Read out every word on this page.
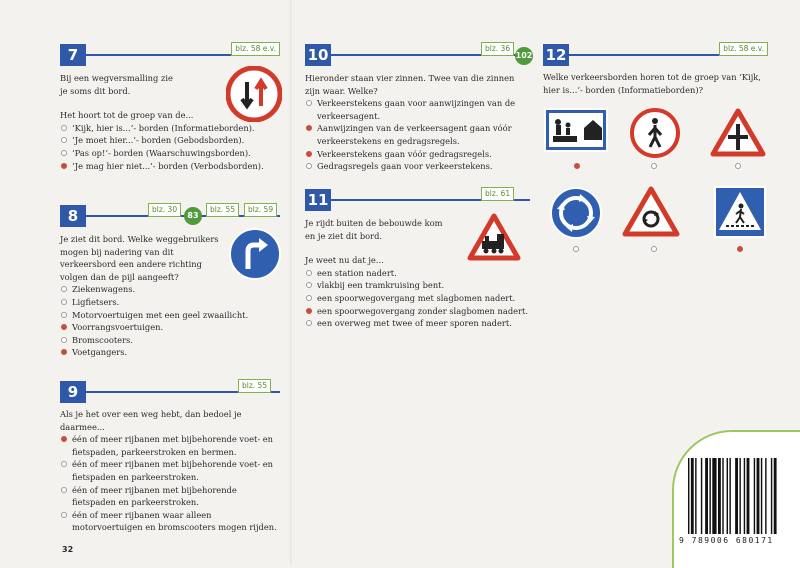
7	blz. 58 e.v.
Bij een wegversmalling zie je soms dit bord.
Het hoort tot de groep van de...
‘Kijk, hier is...’- borden (Informatieborden).
‘Je moet hier...’- borden (Gebodsborden).
‘Pas op!’- borden (Waarschuwingsborden).
‘Je mag hier niet...’- borden (Verbodsborden).
8	blz. 30
83
blz. 55	blz. 59
Je ziet dit bord. Welke weggebruikers mogen bij nadering van dit verkeersbord een andere richting volgen dan de pijl aangeeft?
Ziekenwagens.
Ligfietsers.
Motorvoertuigen met een geel zwaailicht.
Voorrangsvoertuigen.
Bromscooters.
Voetgangers.
9	blz. 55
Als je het over een weg hebt, dan bedoel je daarmee...
één of meer rijbanen met bijbehorende voet- en fietspaden, parkeerstroken en bermen.
één of meer rijbanen met bijbehorende voet- en fietspaden en parkeerstroken.
één of meer rijbanen met bijbehorende fietspaden en parkeerstroken.
één of meer rijbanen waar alleen motorvoertuigen en bromscooters mogen rijden.
32
10	blz. 36
102
Hieronder staan vier zinnen. Twee van die zinnen zijn waar. Welke?
Verkeerstekens gaan voor aanwijzingen van de verkeersagent.
Aanwijzingen van de verkeersagent gaan vóór verkeerstekens en gedragsregels.
Verkeerstekens gaan vóór gedragsregels.
Gedragsregels gaan voor verkeerstekens.
11	blz. 61
Je rijdt buiten de bebouwde kom en je ziet dit bord.
Je weet nu dat je...
een station nadert.
vlakbij een tramkruising bent.
een spoorwegovergang met slagbomen nadert.
een spoorwegovergang zonder slagbomen nadert.
een overweg met twee of meer sporen nadert.
12	blz. 58 e.v.
Welke verkeersborden horen tot de groep van ‘Kijk, hier is...’- borden (Informatieborden)?
9 789006 680171
